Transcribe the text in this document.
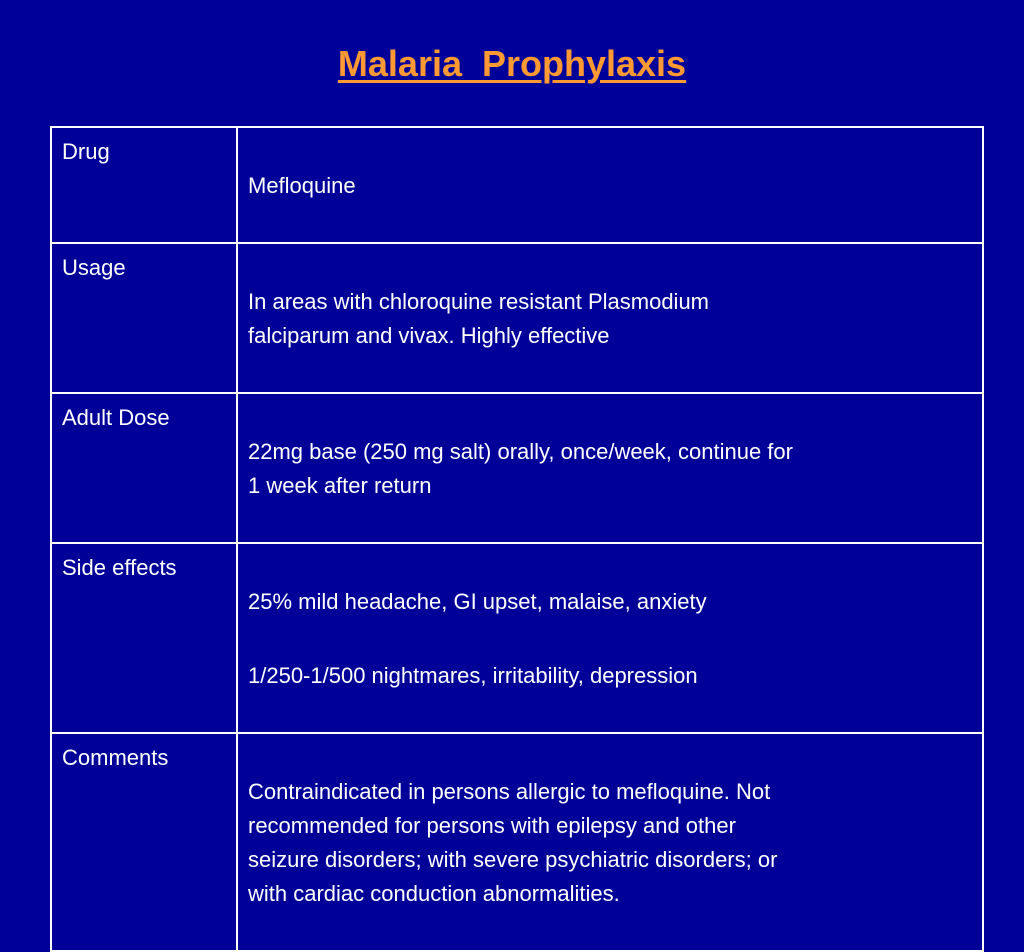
Malaria  Prophylaxis
Drug	Mefloquine

Usage	In areas with chloroquine resistant Plasmodium
falciparum and vivax. Highly effective

Adult Dose	22mg base (250 mg salt) orally, once/week, continue for
1 week after return

Side effects	25% mild headache, GI upset, malaise, anxiety

1/250-1/500 nightmares, irritability, depression

Comments	Contraindicated in persons allergic to mefloquine. Not
recommended for persons with epilepsy and other
seizure disorders; with severe psychiatric disorders; or
with cardiac conduction abnormalities.
